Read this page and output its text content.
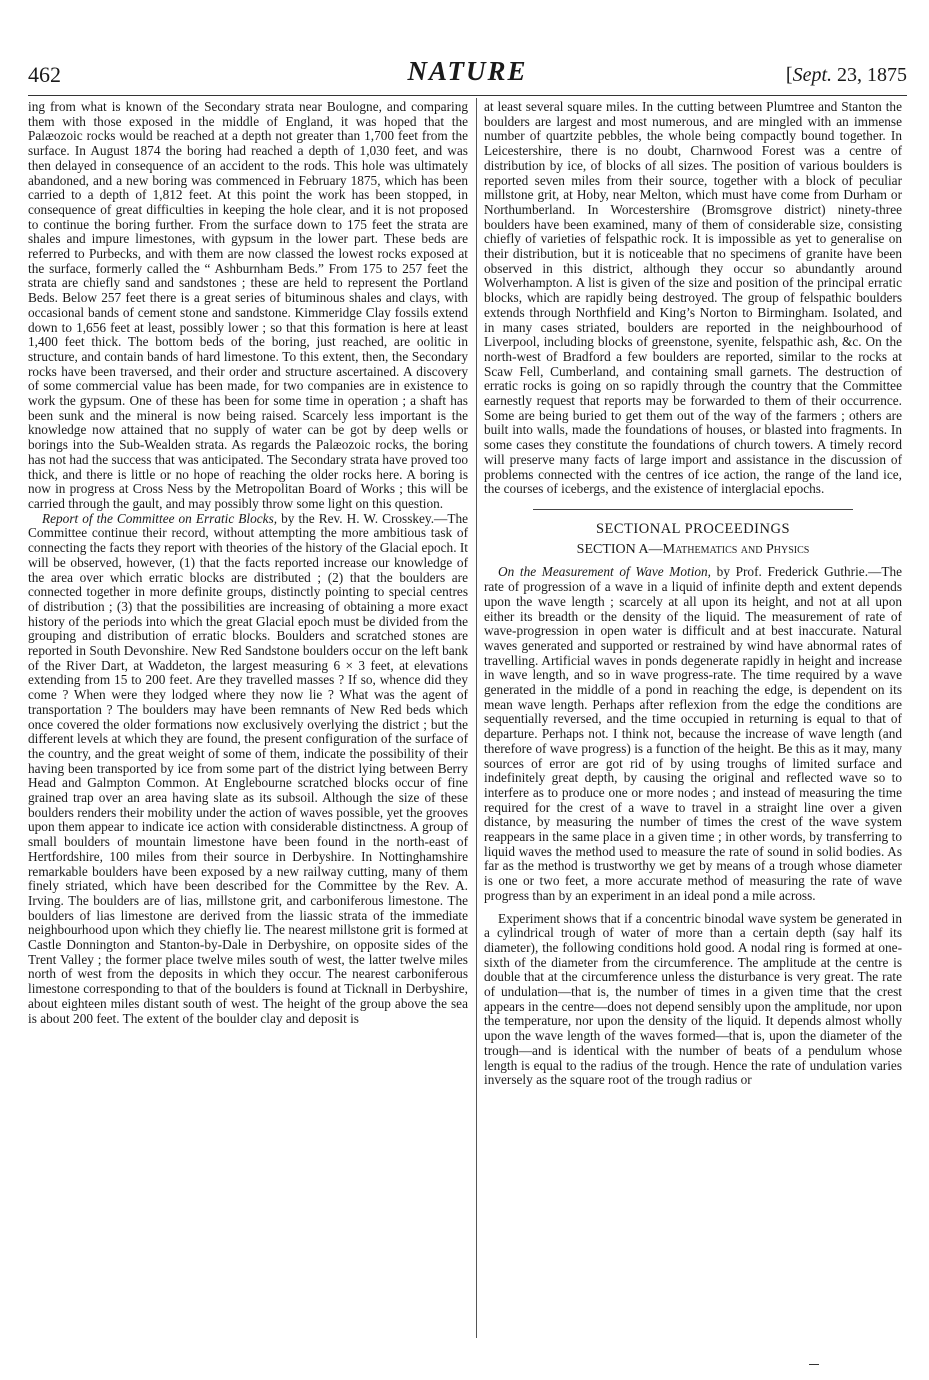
462	NATURE	[Sept. 23, 1875

ing from what is known of the Secondary strata near Boulogne, and comparing them with those exposed in the middle of England, it was hoped that the Palæozoic rocks would be reached at a depth not greater than 1,700 feet from the surface. In August 1874 the boring had reached a depth of 1,030 feet, and was then delayed in consequence of an accident to the rods. This hole was ultimately abandoned, and a new boring was commenced in February 1875, which has been carried to a depth of 1,812 feet. At this point the work has been stopped, in consequence of great difficulties in keeping the hole clear, and it is not proposed to continue the boring further. From the surface down to 175 feet the strata are shales and impure limestones, with gypsum in the lower part. These beds are referred to Purbecks, and with them are now classed the lowest rocks exposed at the surface, formerly called the “ Ashburnham Beds.” From 175 to 257 feet the strata are chiefly sand and sandstones ; these are held to represent the Portland Beds. Below 257 feet there is a great series of bituminous shales and clays, with occasional bands of cement stone and sandstone. Kimmeridge Clay fossils extend down to 1,656 feet at least, possibly lower ; so that this formation is here at least 1,400 feet thick. The bottom beds of the boring, just reached, are oolitic in structure, and contain bands of hard limestone. To this extent, then, the Secondary rocks have been traversed, and their order and structure ascertained. A discovery of some commercial value has been made, for two companies are in existence to work the gypsum. One of these has been for some time in operation ; a shaft has been sunk and the mineral is now being raised. Scarcely less important is the knowledge now attained that no supply of water can be got by deep wells or borings into the Sub-Wealden strata. As regards the Palæozoic rocks, the boring has not had the success that was anticipated. The Secondary strata have proved too thick, and there is little or no hope of reaching the older rocks here. A boring is now in progress at Cross Ness by the Metropolitan Board of Works ; this will be carried through the gault, and may possibly throw some light on this question.

Report of the Committee on Erratic Blocks, by the Rev. H. W. Crosskey.—The Committee continue their record, without attempting the more ambitious task of connecting the facts they report with theories of the history of the Glacial epoch. It will be observed, however, (1) that the facts reported increase our knowledge of the area over which erratic blocks are distributed ; (2) that the boulders are connected together in more definite groups, distinctly pointing to special centres of distribution ; (3) that the possibilities are increasing of obtaining a more exact history of the periods into which the great Glacial epoch must be divided from the grouping and distribution of erratic blocks. Boulders and scratched stones are reported in South Devonshire. New Red Sandstone boulders occur on the left bank of the River Dart, at Waddeton, the largest measuring 6 × 3 feet, at elevations extending from 15 to 200 feet. Are they travelled masses ? If so, whence did they come ? When were they lodged where they now lie ? What was the agent of transportation ? The boulders may have been remnants of New Red beds which once covered the older formations now exclusively overlying the district ; but the different levels at which they are found, the present configuration of the surface of the country, and the great weight of some of them, indicate the possibility of their having been transported by ice from some part of the district lying between Berry Head and Galmpton Common. At Englebourne scratched blocks occur of fine grained trap over an area having slate as its subsoil. Although the size of these boulders renders their mobility under the action of waves possible, yet the grooves upon them appear to indicate ice action with considerable distinctness. A group of small boulders of mountain limestone have been found in the north-east of Hertfordshire, 100 miles from their source in Derbyshire. In Nottinghamshire remarkable boulders have been exposed by a new railway cutting, many of them finely striated, which have been described for the Committee by the Rev. A. Irving. The boulders are of lias, millstone grit, and carboniferous limestone. The boulders of lias limestone are derived from the liassic strata of the immediate neighbourhood upon which they chiefly lie. The nearest millstone grit is formed at Castle Donnington and Stanton-by-Dale in Derbyshire, on opposite sides of the Trent Valley ; the former place twelve miles south of west, the latter twelve miles north of west from the deposits in which they occur. The nearest carboniferous limestone corresponding to that of the boulders is found at Ticknall in Derbyshire, about eighteen miles distant south of west. The height of the group above the sea is about 200 feet. The extent of the boulder clay and deposit is

at least several square miles. In the cutting between Plumtree and Stanton the boulders are largest and most numerous, and are mingled with an immense number of quartzite pebbles, the whole being compactly bound together. In Leicestershire, there is no doubt, Charnwood Forest was a centre of distribution by ice, of blocks of all sizes. The position of various boulders is reported seven miles from their source, together with a block of peculiar millstone grit, at Hoby, near Melton, which must have come from Durham or Northumberland. In Worcestershire (Bromsgrove district) ninety-three boulders have been examined, many of them of considerable size, consisting chiefly of varieties of felspathic rock. It is impossible as yet to generalise on their distribution, but it is noticeable that no specimens of granite have been observed in this district, although they occur so abundantly around Wolverhampton. A list is given of the size and position of the principal erratic blocks, which are rapidly being destroyed. The group of felspathic boulders extends through Northfield and King’s Norton to Birmingham. Isolated, and in many cases striated, boulders are reported in the neighbourhood of Liverpool, including blocks of greenstone, syenite, felspathic ash, &c. On the north-west of Bradford a few boulders are reported, similar to the rocks at Scaw Fell, Cumberland, and containing small garnets. The destruction of erratic rocks is going on so rapidly through the country that the Committee earnestly request that reports may be forwarded to them of their occurrence. Some are being buried to get them out of the way of the farmers ; others are built into walls, made the foundations of houses, or blasted into fragments. In some cases they constitute the foundations of church towers. A timely record will preserve many facts of large import and assistance in the discussion of problems connected with the centres of ice action, the range of the land ice, the courses of icebergs, and the existence of interglacial epochs.

SECTIONAL PROCEEDINGS
SECTION A—Mathematics and Physics

On the Measurement of Wave Motion, by Prof. Frederick Guthrie.—The rate of progression of a wave in a liquid of infinite depth and extent depends upon the wave length ; scarcely at all upon its height, and not at all upon either its breadth or the density of the liquid. The measurement of rate of wave-progression in open water is difficult and at best inaccurate. Natural waves generated and supported or restrained by wind have abnormal rates of travelling. Artificial waves in ponds degenerate rapidly in height and increase in wave length, and so in wave progress-rate. The time required by a wave generated in the middle of a pond in reaching the edge, is dependent on its mean wave length. Perhaps after reflexion from the edge the conditions are sequentially reversed, and the time occupied in returning is equal to that of departure. Perhaps not. I think not, because the increase of wave length (and therefore of wave progress) is a function of the height. Be this as it may, many sources of error are got rid of by using troughs of limited surface and indefinitely great depth, by causing the original and reflected wave so to interfere as to produce one or more nodes ; and instead of measuring the time required for the crest of a wave to travel in a straight line over a given distance, by measuring the number of times the crest of the wave system reappears in the same place in a given time ; in other words, by transferring to liquid waves the method used to measure the rate of sound in solid bodies. As far as the method is trustworthy we get by means of a trough whose diameter is one or two feet, a more accurate method of measuring the rate of wave progress than by an experiment in an ideal pond a mile across.

Experiment shows that if a concentric binodal wave system be generated in a cylindrical trough of water of more than a certain depth (say half its diameter), the following conditions hold good. A nodal ring is formed at one-sixth of the diameter from the circumference. The amplitude at the centre is double that at the circumference unless the disturbance is very great. The rate of undulation—that is, the number of times in a given time that the crest appears in the centre—does not depend sensibly upon the amplitude, nor upon the temperature, nor upon the density of the liquid. It depends almost wholly upon the wave length of the waves formed—that is, upon the diameter of the trough—and is identical with the number of beats of a pendulum whose length is equal to the radius of the trough. Hence the rate of undulation varies inversely as the square root of the trough radius or
